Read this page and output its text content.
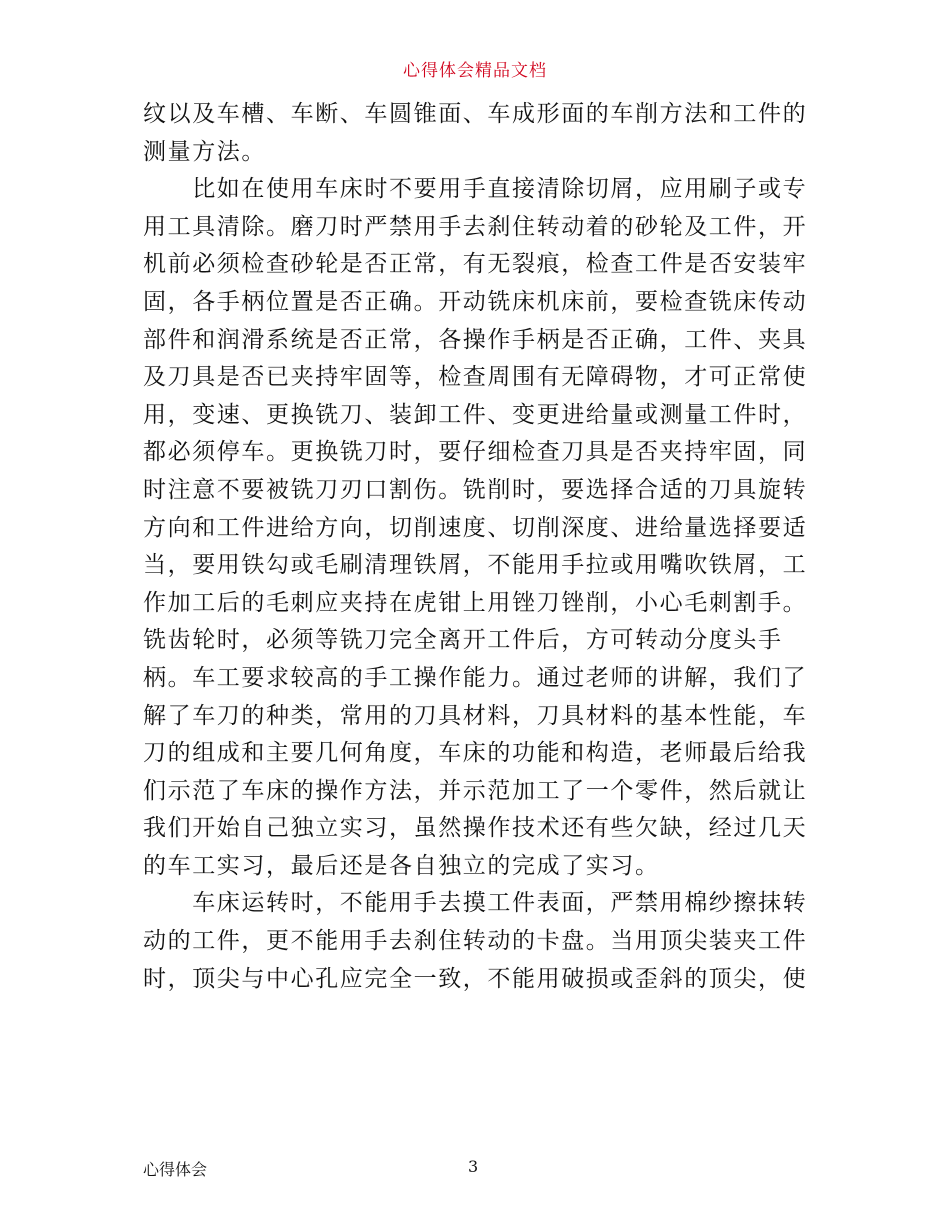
心得体会精品文档
纹以及车槽、车断、车圆锥面、车成形面的车削方法和工件的
测量方法。
　　比如在使用车床时不要用手直接清除切屑，应用刷子或专
用工具清除。磨刀时严禁用手去刹住转动着的砂轮及工件，开
机前必须检查砂轮是否正常，有无裂痕，检查工件是否安装牢
固，各手柄位置是否正确。开动铣床机床前，要检查铣床传动
部件和润滑系统是否正常，各操作手柄是否正确，工件、夹具
及刀具是否已夹持牢固等，检查周围有无障碍物，才可正常使
用，变速、更换铣刀、装卸工件、变更进给量或测量工件时，
都必须停车。更换铣刀时，要仔细检查刀具是否夹持牢固，同
时注意不要被铣刀刃口割伤。铣削时，要选择合适的刀具旋转
方向和工件进给方向，切削速度、切削深度、进给量选择要适
当，要用铁勾或毛刷清理铁屑，不能用手拉或用嘴吹铁屑，工
作加工后的毛刺应夹持在虎钳上用锉刀锉削，小心毛刺割手。
铣齿轮时，必须等铣刀完全离开工件后，方可转动分度头手
柄。车工要求较高的手工操作能力。通过老师的讲解，我们了
解了车刀的种类，常用的刀具材料，刀具材料的基本性能，车
刀的组成和主要几何角度，车床的功能和构造，老师最后给我
们示范了车床的操作方法，并示范加工了一个零件，然后就让
我们开始自己独立实习，虽然操作技术还有些欠缺，经过几天
的车工实习，最后还是各自独立的完成了实习。
　　车床运转时，不能用手去摸工件表面，严禁用棉纱擦抹转
动的工件，更不能用手去刹住转动的卡盘。当用顶尖装夹工件
时，顶尖与中心孔应完全一致，不能用破损或歪斜的顶尖，使
心得体会	3
